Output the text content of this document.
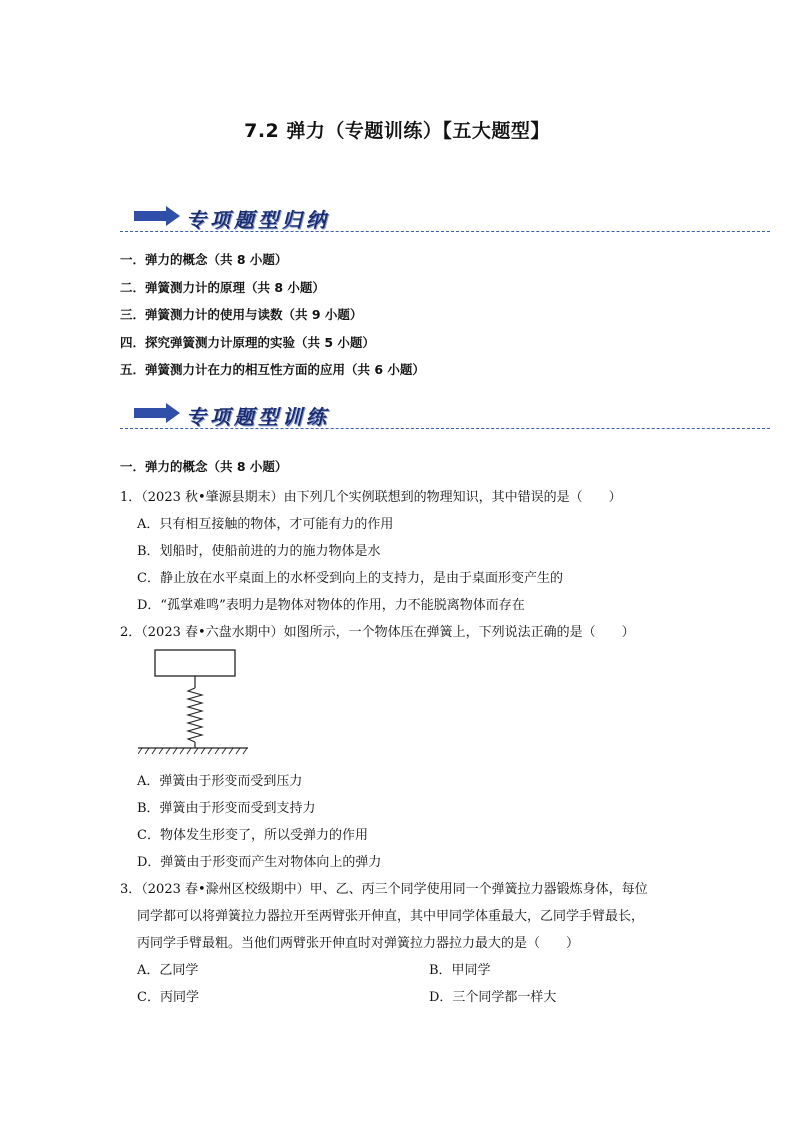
7.2 弹力（专题训练）【五大题型】
专项题型归纳
一．弹力的概念（共 8 小题）
二．弹簧测力计的原理（共 8 小题）
三．弹簧测力计的使用与读数（共 9 小题）
四．探究弹簧测力计原理的实验（共 5 小题）
五．弹簧测力计在力的相互性方面的应用（共 6 小题）
专项题型训练
一．弹力的概念（共 8 小题）
1．（2023 秋•肇源县期末）由下列几个实例联想到的物理知识，其中错误的是（　　）
A．只有相互接触的物体，才可能有力的作用
B．划船时，使船前进的力的施力物体是水
C．静止放在水平桌面上的水杯受到向上的支持力，是由于桌面形变产生的
D．“孤掌难鸣”表明力是物体对物体的作用，力不能脱离物体而存在
2．（2023 春•六盘水期中）如图所示，一个物体压在弹簧上，下列说法正确的是（　　）
A．弹簧由于形变而受到压力
B．弹簧由于形变而受到支持力
C．物体发生形变了，所以受弹力的作用
D．弹簧由于形变而产生对物体向上的弹力
3．（2023 春•滁州区校级期中）甲、乙、丙三个同学使用同一个弹簧拉力器锻炼身体，每位
同学都可以将弹簧拉力器拉开至两臂张开伸直，其中甲同学体重最大，乙同学手臂最长，
丙同学手臂最粗。当他们两臂张开伸直时对弹簧拉力器拉力最大的是（　　）
A．乙同学	B．甲同学
C．丙同学	D．三个同学都一样大
